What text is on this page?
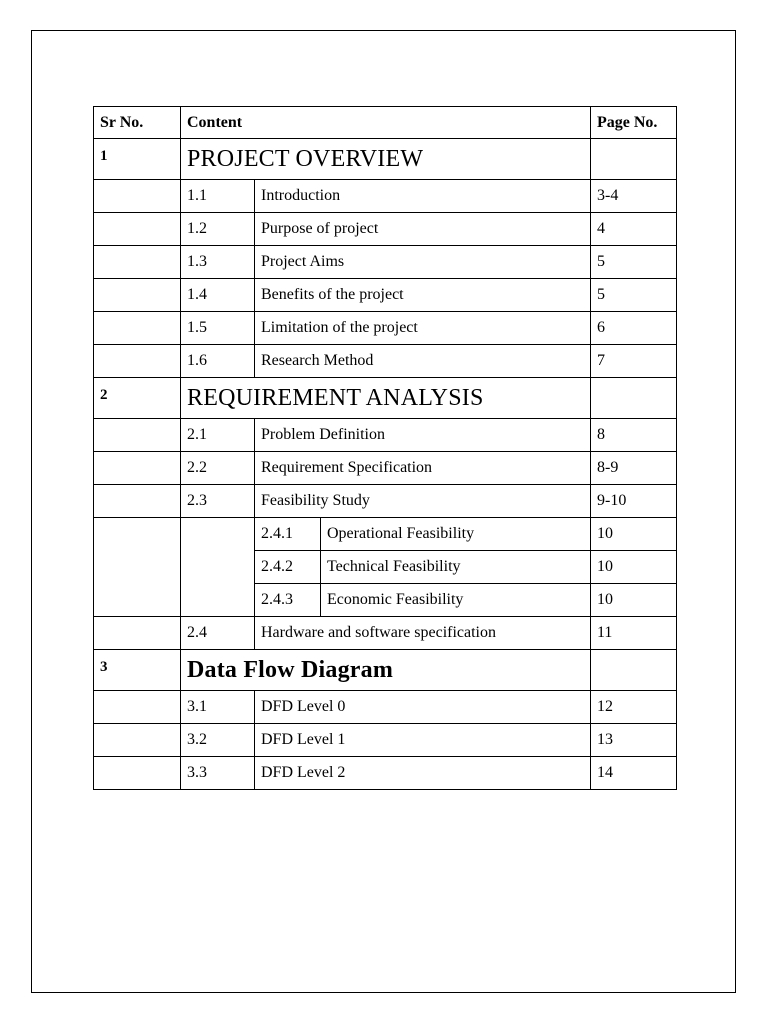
Sr No.	Content			Page No.
1	PROJECT OVERVIEW			
	1.1	Introduction		3-4
	1.2	Purpose of project		4
	1.3	Project Aims		5
	1.4	Benefits of the project		5
	1.5	Limitation of the project		6
	1.6	Research Method		7
2	REQUIREMENT ANALYSIS			
	2.1	Problem Definition		8
	2.2	Requirement Specification		8-9
	2.3	Feasibility Study		9-10
		2.4.1	Operational Feasibility	10
		2.4.2	Technical Feasibility	10
		2.4.3	Economic Feasibility	10
	2.4	Hardware and software specification		11
3	Data Flow Diagram			
	3.1	DFD Level 0		12
	3.2	DFD Level 1		13
	3.3	DFD Level 2		14
